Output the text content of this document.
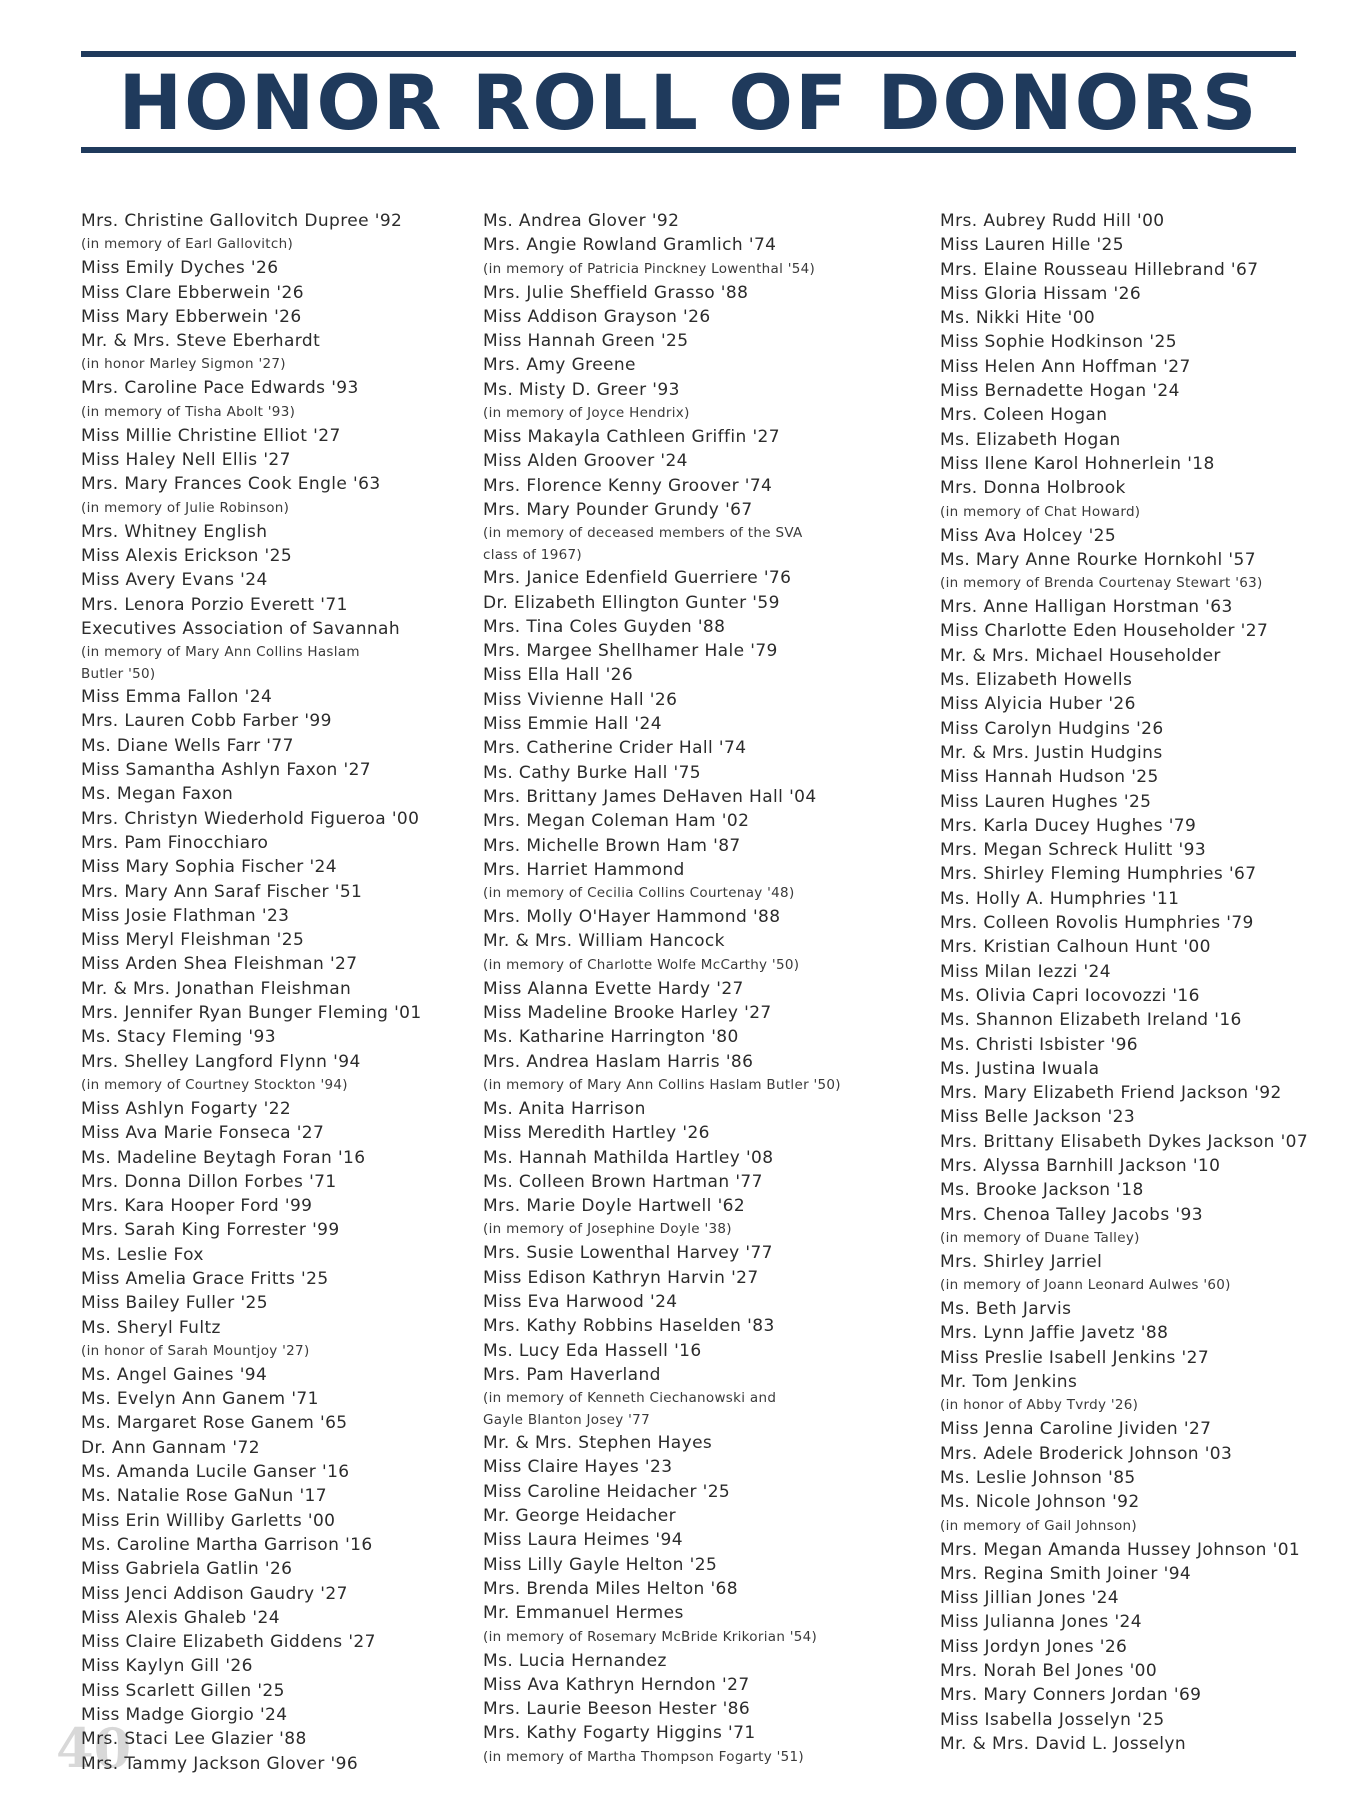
HONOR ROLL OF DONORS
40
Mrs. Christine Gallovitch Dupree '92
(in memory of Earl Gallovitch)
Miss Emily Dyches '26
Miss Clare Ebberwein '26
Miss Mary Ebberwein '26
Mr. & Mrs. Steve Eberhardt
(in honor Marley Sigmon '27)
Mrs. Caroline Pace Edwards '93
(in memory of Tisha Abolt '93)
Miss Millie Christine Elliot '27
Miss Haley Nell Ellis '27
Mrs. Mary Frances Cook Engle '63
(in memory of Julie Robinson)
Mrs. Whitney English
Miss Alexis Erickson '25
Miss Avery Evans '24
Mrs. Lenora Porzio Everett '71
Executives Association of Savannah
(in memory of Mary Ann Collins Haslam Butler '50)
Miss Emma Fallon '24
Mrs. Lauren Cobb Farber '99
Ms. Diane Wells Farr '77
Miss Samantha Ashlyn Faxon '27
Ms. Megan Faxon
Mrs. Christyn Wiederhold Figueroa '00
Mrs. Pam Finocchiaro
Miss Mary Sophia Fischer '24
Mrs. Mary Ann Saraf Fischer '51
Miss Josie Flathman '23
Miss Meryl Fleishman '25
Miss Arden Shea Fleishman '27
Mr. & Mrs. Jonathan Fleishman
Mrs. Jennifer Ryan Bunger Fleming '01
Ms. Stacy Fleming '93
Mrs. Shelley Langford Flynn '94
(in memory of Courtney Stockton '94)
Miss Ashlyn Fogarty '22
Miss Ava Marie Fonseca '27
Ms. Madeline Beytagh Foran '16
Mrs. Donna Dillon Forbes '71
Mrs. Kara Hooper Ford '99
Mrs. Sarah King Forrester '99
Ms. Leslie Fox
Miss Amelia Grace Fritts '25
Miss Bailey Fuller '25
Ms. Sheryl Fultz
(in honor of Sarah Mountjoy '27)
Ms. Angel Gaines '94
Ms. Evelyn Ann Ganem '71
Ms. Margaret Rose Ganem '65
Dr. Ann Gannam '72
Ms. Amanda Lucile Ganser '16
Ms. Natalie Rose GaNun '17
Miss Erin Williby Garletts '00
Ms. Caroline Martha Garrison '16
Miss Gabriela Gatlin '26
Miss Jenci Addison Gaudry '27
Miss Alexis Ghaleb '24
Miss Claire Elizabeth Giddens '27
Miss Kaylyn Gill '26
Miss Scarlett Gillen '25
Miss Madge Giorgio '24
Mrs. Staci Lee Glazier '88
Mrs. Tammy Jackson Glover '96
Ms. Andrea Glover '92
Mrs. Angie Rowland Gramlich '74
(in memory of Patricia Pinckney Lowenthal '54)
Mrs. Julie Sheffield Grasso '88
Miss Addison Grayson '26
Miss Hannah Green '25
Mrs. Amy Greene
Ms. Misty D. Greer '93
(in memory of Joyce Hendrix)
Miss Makayla Cathleen Griffin '27
Miss Alden Groover '24
Mrs. Florence Kenny Groover '74
Mrs. Mary Pounder Grundy '67
(in memory of deceased members of the SVA class of 1967)
Mrs. Janice Edenfield Guerriere '76
Dr. Elizabeth Ellington Gunter '59
Mrs. Tina Coles Guyden '88
Mrs. Margee Shellhamer Hale '79
Miss Ella Hall '26
Miss Vivienne Hall '26
Miss Emmie Hall '24
Mrs. Catherine Crider Hall '74
Ms. Cathy Burke Hall '75
Mrs. Brittany James DeHaven Hall '04
Mrs. Megan Coleman Ham '02
Mrs. Michelle Brown Ham '87
Mrs. Harriet Hammond
(in memory of Cecilia Collins Courtenay '48)
Mrs. Molly O'Hayer Hammond '88
Mr. & Mrs. William Hancock
(in memory of Charlotte Wolfe McCarthy '50)
Miss Alanna Evette Hardy '27
Miss Madeline Brooke Harley '27
Ms. Katharine Harrington '80
Mrs. Andrea Haslam Harris '86
(in memory of Mary Ann Collins Haslam Butler '50)
Ms. Anita Harrison
Miss Meredith Hartley '26
Ms. Hannah Mathilda Hartley '08
Ms. Colleen Brown Hartman '77
Mrs. Marie Doyle Hartwell '62
(in memory of Josephine Doyle '38)
Mrs. Susie Lowenthal Harvey '77
Miss Edison Kathryn Harvin '27
Miss Eva Harwood '24
Mrs. Kathy Robbins Haselden '83
Ms. Lucy Eda Hassell '16
Mrs. Pam Haverland
(in memory of Kenneth Ciechanowski and Gayle Blanton Josey '77
Mr. & Mrs. Stephen Hayes
Miss Claire Hayes '23
Miss Caroline Heidacher '25
Mr. George Heidacher
Miss Laura Heimes '94
Miss Lilly Gayle Helton '25
Mrs. Brenda Miles Helton '68
Mr. Emmanuel Hermes
(in memory of Rosemary McBride Krikorian '54)
Ms. Lucia Hernandez
Miss Ava Kathryn Herndon '27
Mrs. Laurie Beeson Hester '86
Mrs. Kathy Fogarty Higgins '71
(in memory of Martha Thompson Fogarty '51)
Mrs. Aubrey Rudd Hill '00
Miss Lauren Hille '25
Mrs. Elaine Rousseau Hillebrand '67
Miss Gloria Hissam '26
Ms. Nikki Hite '00
Miss Sophie Hodkinson '25
Miss Helen Ann Hoffman '27
Miss Bernadette Hogan '24
Mrs. Coleen Hogan
Ms. Elizabeth Hogan
Miss Ilene Karol Hohnerlein '18
Mrs. Donna Holbrook
(in memory of Chat Howard)
Miss Ava Holcey '25
Ms. Mary Anne Rourke Hornkohl '57
(in memory of Brenda Courtenay Stewart '63)
Mrs. Anne Halligan Horstman '63
Miss Charlotte Eden Householder '27
Mr. & Mrs. Michael Householder
Ms. Elizabeth Howells
Miss Alyicia Huber '26
Miss Carolyn Hudgins '26
Mr. & Mrs. Justin Hudgins
Miss Hannah Hudson '25
Miss Lauren Hughes '25
Mrs. Karla Ducey Hughes '79
Mrs. Megan Schreck Hulitt '93
Mrs. Shirley Fleming Humphries '67
Ms. Holly A. Humphries '11
Mrs. Colleen Rovolis Humphries '79
Mrs. Kristian Calhoun Hunt '00
Miss Milan Iezzi '24
Ms. Olivia Capri Iocovozzi '16
Ms. Shannon Elizabeth Ireland '16
Ms. Christi Isbister '96
Ms. Justina Iwuala
Mrs. Mary Elizabeth Friend Jackson '92
Miss Belle Jackson '23
Mrs. Brittany Elisabeth Dykes Jackson '07
Mrs. Alyssa Barnhill Jackson '10
Ms. Brooke Jackson '18
Mrs. Chenoa Talley Jacobs '93
(in memory of Duane Talley)
Mrs. Shirley Jarriel
(in memory of Joann Leonard Aulwes '60)
Ms. Beth Jarvis
Mrs. Lynn Jaffie Javetz '88
Miss Preslie Isabell Jenkins '27
Mr. Tom Jenkins
(in honor of Abby Tvrdy '26)
Miss Jenna Caroline Jividen '27
Mrs. Adele Broderick Johnson '03
Ms. Leslie Johnson '85
Ms. Nicole Johnson '92
(in memory of Gail Johnson)
Mrs. Megan Amanda Hussey Johnson '01
Mrs. Regina Smith Joiner '94
Miss Jillian Jones '24
Miss Julianna Jones '24
Miss Jordyn Jones '26
Mrs. Norah Bel Jones '00
Mrs. Mary Conners Jordan '69
Miss Isabella Josselyn '25
Mr. & Mrs. David L. Josselyn
